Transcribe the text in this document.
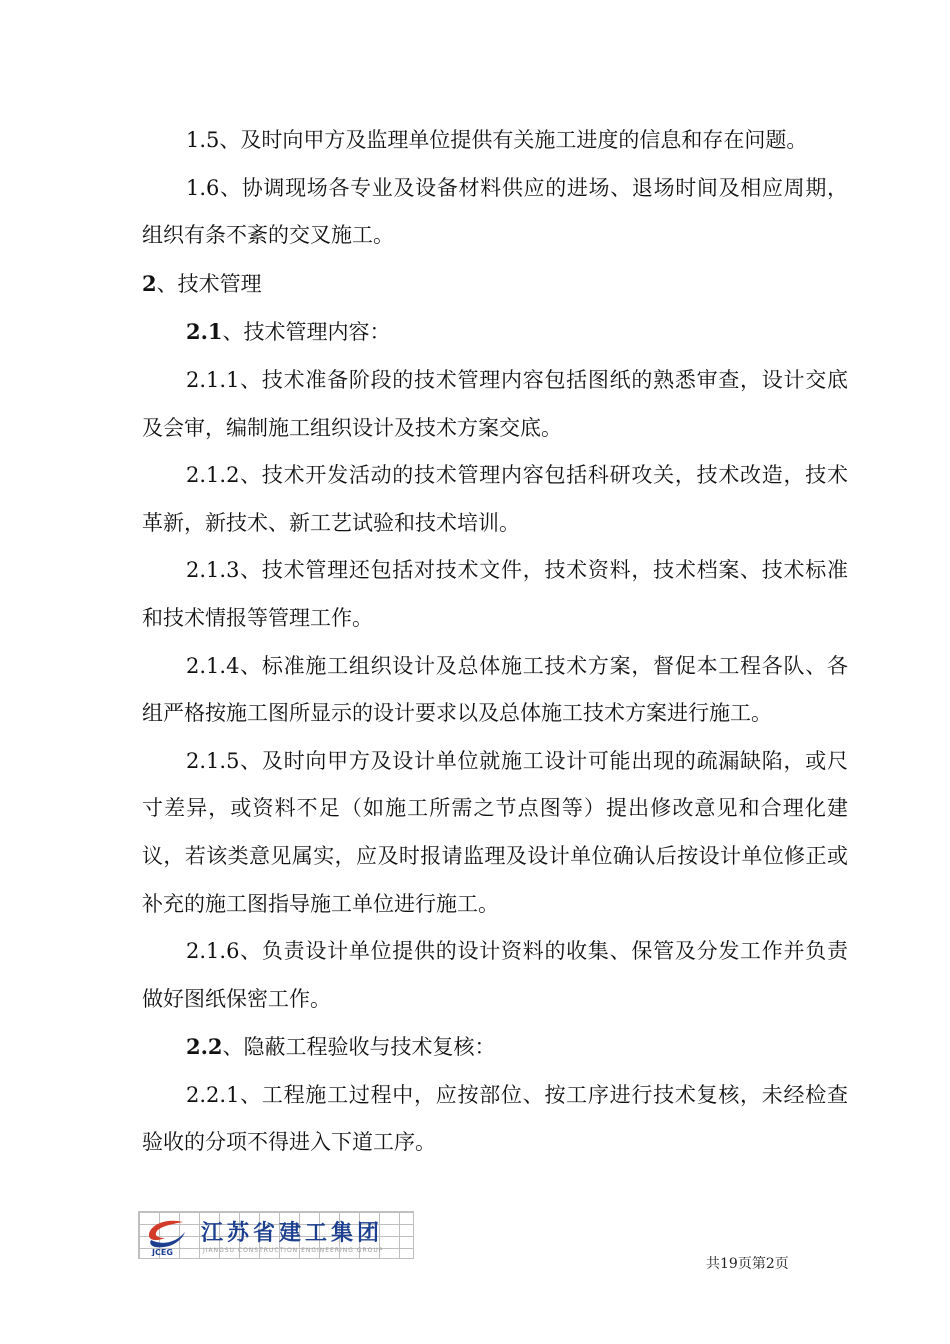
1.5、及时向甲方及监理单位提供有关施工进度的信息和存在问题。

1.6、协调现场各专业及设备材料供应的进场、退场时间及相应周期，组织有条不紊的交叉施工。

2、技术管理

2.1、技术管理内容：

2.1.1、技术准备阶段的技术管理内容包括图纸的熟悉审查，设计交底及会审，编制施工组织设计及技术方案交底。

2.1.2、技术开发活动的技术管理内容包括科研攻关，技术改造，技术革新，新技术、新工艺试验和技术培训。

2.1.3、技术管理还包括对技术文件，技术资料，技术档案、技术标准和技术情报等管理工作。

2.1.4、标准施工组织设计及总体施工技术方案，督促本工程各队、各组严格按施工图所显示的设计要求以及总体施工技术方案进行施工。

2.1.5、及时向甲方及设计单位就施工设计可能出现的疏漏缺陷，或尺寸差异，或资料不足（如施工所需之节点图等）提出修改意见和合理化建议，若该类意见属实，应及时报请监理及设计单位确认后按设计单位修正或补充的施工图指导施工单位进行施工。

2.1.6、负责设计单位提供的设计资料的收集、保管及分发工作并负责做好图纸保密工作。

2.2、隐蔽工程验收与技术复核：

2.2.1、工程施工过程中，应按部位、按工序进行技术复核，未经检查验收的分项不得进入下道工序。

JCEG
江苏省建工集团
JIANGSU CONSTRUCTION ENGINEERING GROUP
共19页第2页
